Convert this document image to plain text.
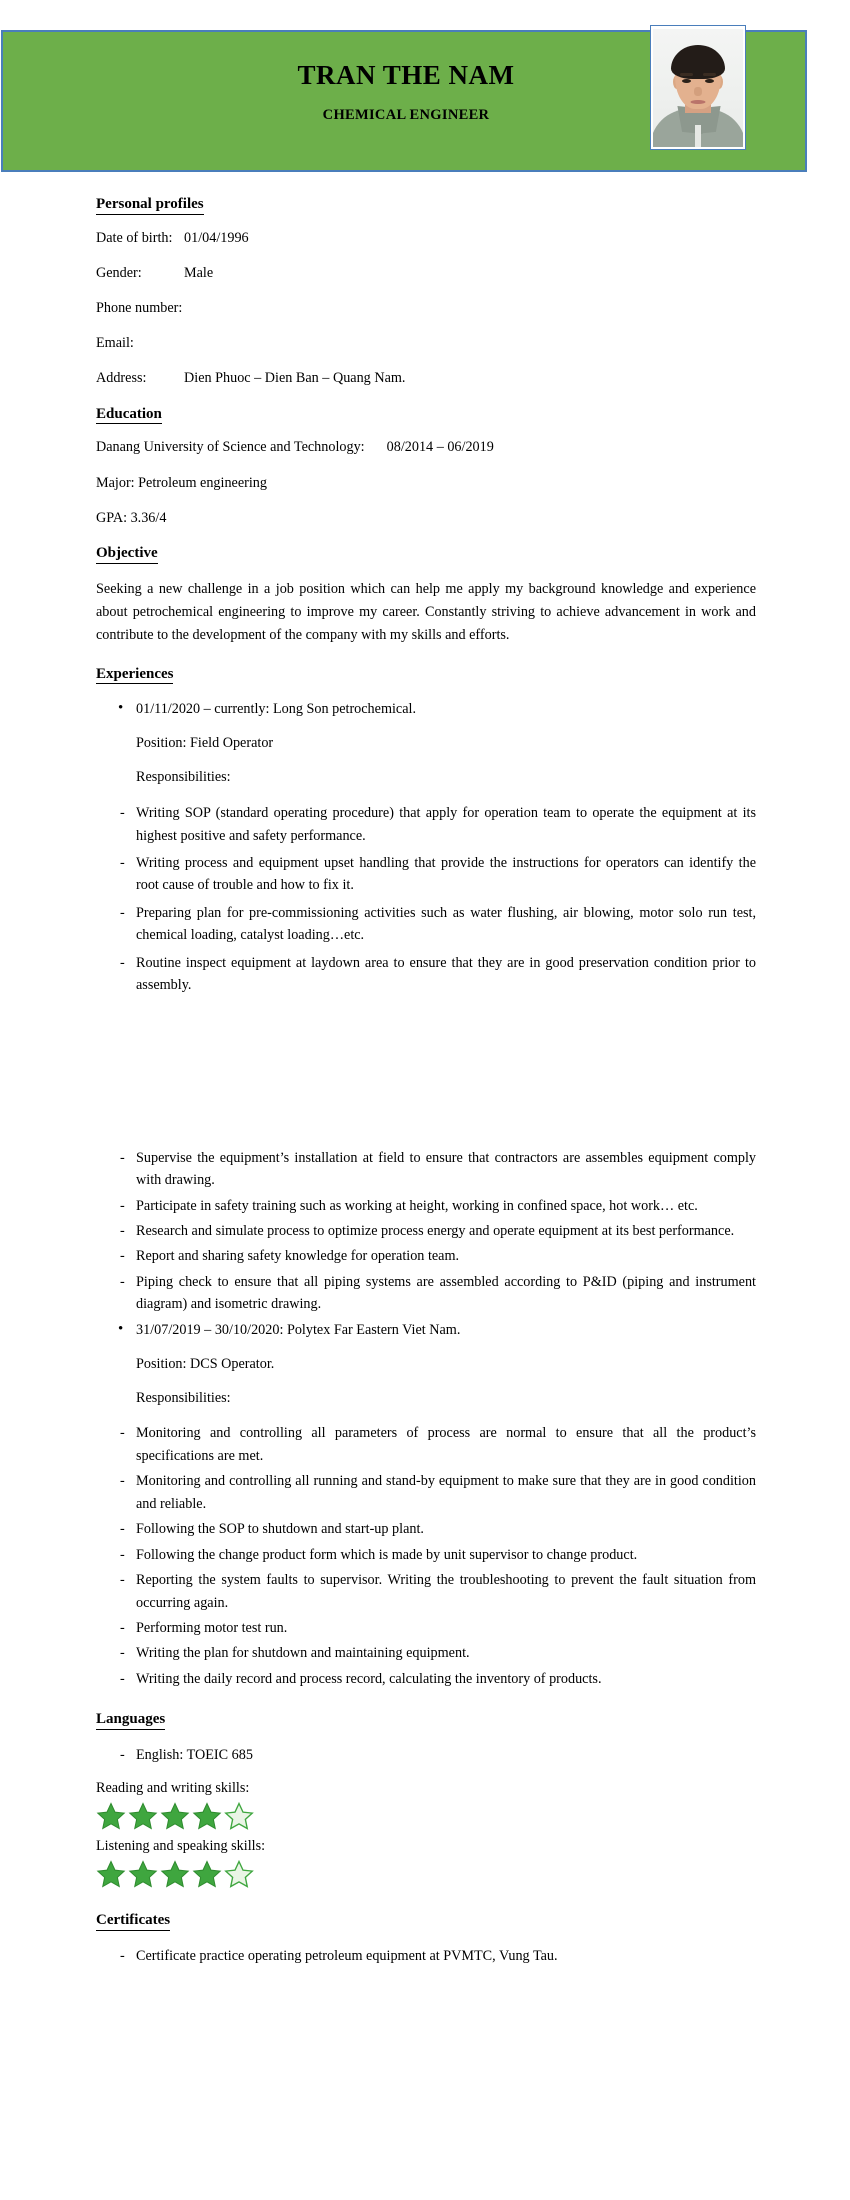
TRAN THE NAM
CHEMICAL ENGINEER
Personal profiles
Date of birth: 01/04/1996
Gender:	Male
Phone number:
Email:
Address:	Dien Phuoc – Dien Ban – Quang Nam.
Education
Danang University of Science and Technology: 08/2014 – 06/2019
Major: Petroleum engineering
GPA: 3.36/4
Objective

Seeking a new challenge in a job position which can help me apply my background knowledge and experience about petrochemical engineering to improve my career. Constantly striving to achieve advancement in work and contribute to the development of the company with my skills and efforts.

Experiences
• 01/11/2020 – currently: Long Son petrochemical.
Position: Field Operator
Responsibilities:
- Writing SOP (standard operating procedure) that apply for operation team to operate the equipment at its highest positive and safety performance.
- Writing process and equipment upset handling that provide the instructions for operators can identify the root cause of trouble and how to fix it.
- Preparing plan for pre-commissioning activities such as water flushing, air blowing, motor solo run test, chemical loading, catalyst loading…etc.
- Routine inspect equipment at laydown area to ensure that they are in good preservation condition prior to assembly.
- Supervise the equipment’s installation at field to ensure that contractors are assembles equipment comply with drawing.
- Participate in safety training such as working at height, working in confined space, hot work… etc.
- Research and simulate process to optimize process energy and operate equipment at its best performance.
- Report and sharing safety knowledge for operation team.
- Piping check to ensure that all piping systems are assembled according to P&ID (piping and instrument diagram) and isometric drawing.
• 31/07/2019 – 30/10/2020: Polytex Far Eastern Viet Nam.
Position: DCS Operator.
Responsibilities:
- Monitoring and controlling all parameters of process are normal to ensure that all the product’s specifications are met.
- Monitoring and controlling all running and stand-by equipment to make sure that they are in good condition and reliable.
- Following the SOP to shutdown and start-up plant.
- Following the change product form which is made by unit supervisor to change product.
- Reporting the system faults to supervisor. Writing the troubleshooting to prevent the fault situation from occurring again.
- Performing motor test run.
- Writing the plan for shutdown and maintaining equipment.
- Writing the daily record and process record, calculating the inventory of products.
Languages
- English: TOEIC 685
Reading and writing skills:

Listening and speaking skills:

Certificates
- Certificate practice operating petroleum equipment at PVMTC, Vung Tau.
